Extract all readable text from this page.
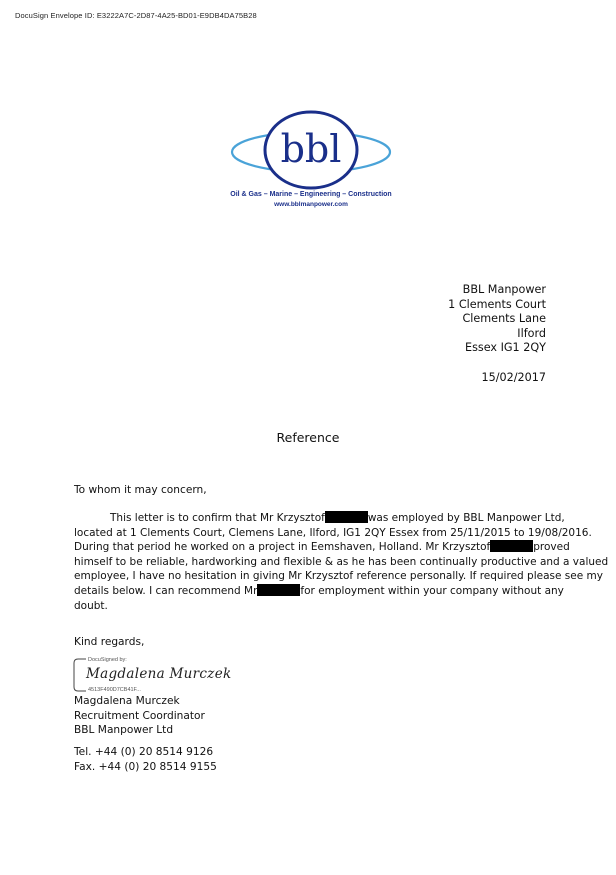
DocuSign Envelope ID: E3222A7C-2D87-4A25-BD01-E9DB4DA75B28
bbl
Oil & Gas – Marine – Engineering – Construction
www.bblmanpower.com
BBL Manpower
1 Clements Court
Clements Lane
Ilford
Essex IG1 2QY
15/02/2017
Reference
To whom it may concern,
This letter is to confirm that Mr Krzysztof	was employed by BBL Manpower Ltd,
located at 1 Clements Court, Clemens Lane, Ilford, IG1 2QY Essex from 25/11/2015 to 19/08/2016.
During that period he worked on a project in Eemshaven, Holland. Mr Krzysztof	proved
himself to be reliable, hardworking and flexible & as he has been continually productive and a valued
employee, I have no hesitation in giving Mr Krzysztof reference personally. If required please see my
details below. I can recommend Mr	for employment within your company without any
doubt.
Kind regards,
DocuSigned by:
Magdalena Murczek
4513F490D7CB41F...
Magdalena Murczek
Recruitment Coordinator
BBL Manpower Ltd
Tel. +44 (0) 20 8514 9126
Fax. +44 (0) 20 8514 9155
